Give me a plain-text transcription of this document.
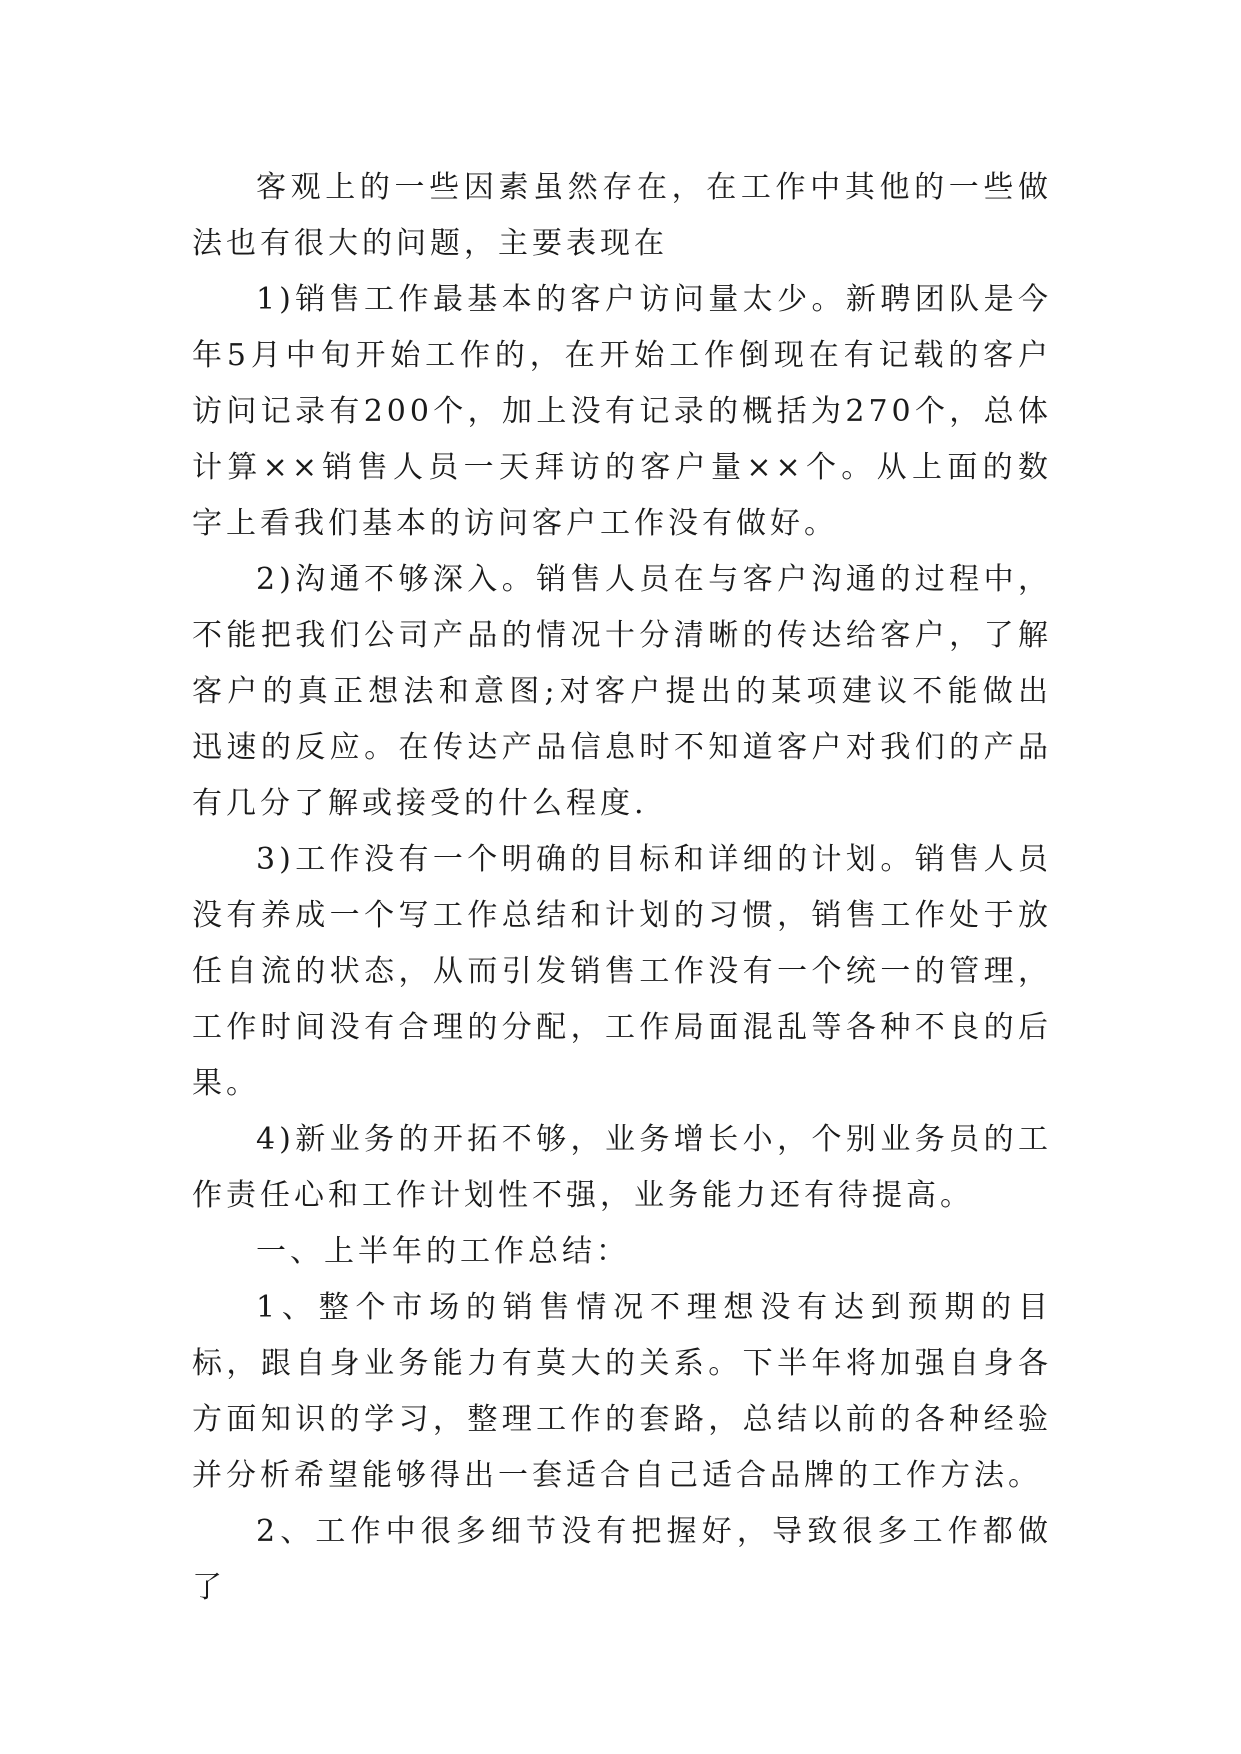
客观上的一些因素虽然存在，在工作中其他的一些做法也有很大的问题，主要表现在

1)销售工作最基本的客户访问量太少。新聘团队是今年5月中旬开始工作的，在开始工作倒现在有记载的客户访问记录有200个，加上没有记录的概括为270个，总体计算××销售人员一天拜访的客户量××个。从上面的数字上看我们基本的访问客户工作没有做好。

2)沟通不够深入。销售人员在与客户沟通的过程中，不能把我们公司产品的情况十分清晰的传达给客户，了解客户的真正想法和意图;对客户提出的某项建议不能做出迅速的反应。在传达产品信息时不知道客户对我们的产品有几分了解或接受的什么程度.

3)工作没有一个明确的目标和详细的计划。销售人员没有养成一个写工作总结和计划的习惯，销售工作处于放任自流的状态，从而引发销售工作没有一个统一的管理，工作时间没有合理的分配，工作局面混乱等各种不良的后果。

4)新业务的开拓不够，业务增长小，个别业务员的工作责任心和工作计划性不强，业务能力还有待提高。

一、上半年的工作总结：

1、整个市场的销售情况不理想没有达到预期的目标，跟自身业务能力有莫大的关系。下半年将加强自身各方面知识的学习，整理工作的套路，总结以前的各种经验并分析希望能够得出一套适合自己适合品牌的工作方法。

2、工作中很多细节没有把握好，导致很多工作都做了
